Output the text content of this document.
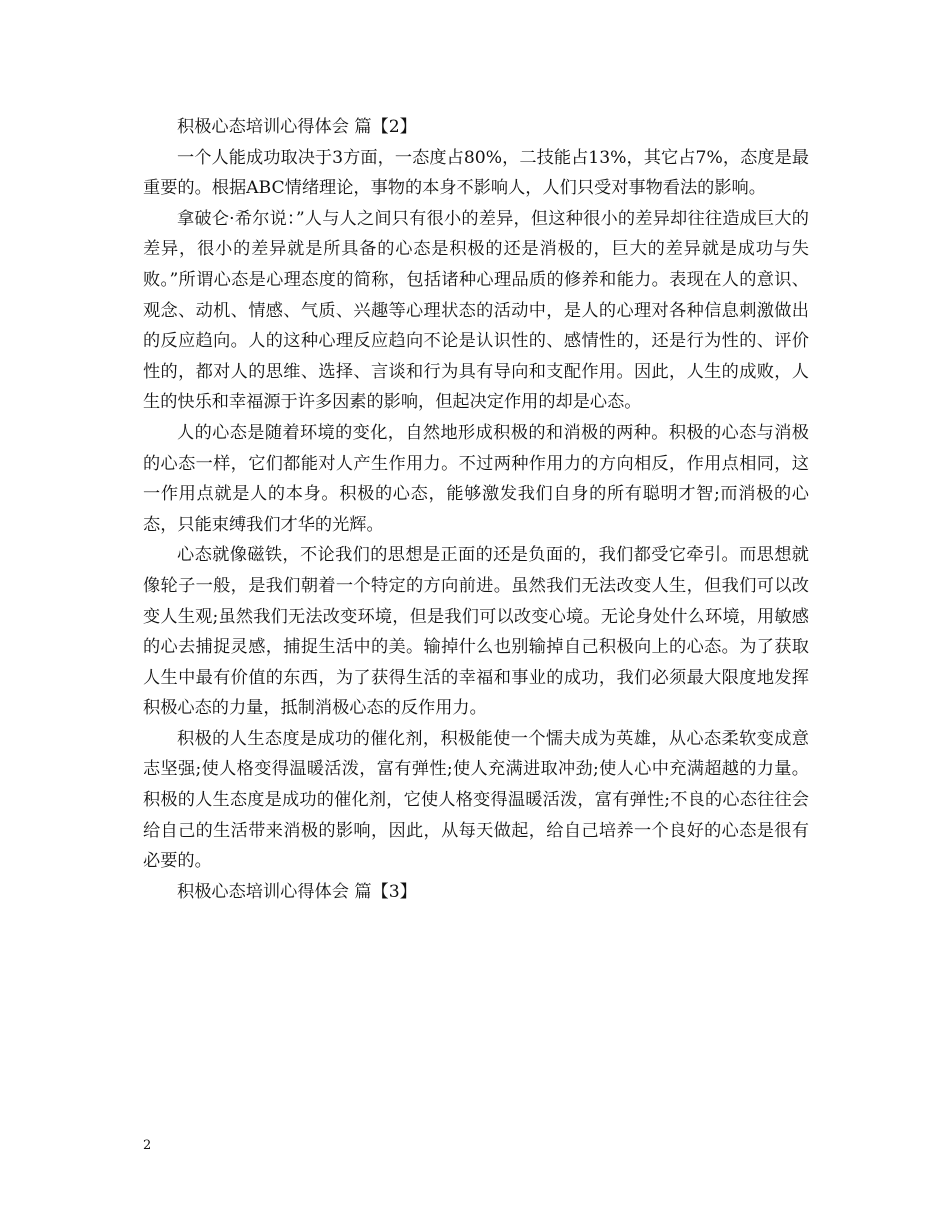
积极心态培训心得体会 篇【2】

一个人能成功取决于3方面，一态度占80%，二技能占13%，其它占7%，态度是最重要的。根据ABC情绪理论，事物的本身不影响人，人们只受对事物看法的影响。

拿破仑·希尔说：”人与人之间只有很小的差异，但这种很小的差异却往往造成巨大的差异，很小的差异就是所具备的心态是积极的还是消极的，巨大的差异就是成功与失败。”所谓心态是心理态度的简称，包括诸种心理品质的修养和能力。表现在人的意识、观念、动机、情感、气质、兴趣等心理状态的活动中，是人的心理对各种信息刺激做出的反应趋向。人的这种心理反应趋向不论是认识性的、感情性的，还是行为性的、评价性的，都对人的思维、选择、言谈和行为具有导向和支配作用。因此，人生的成败，人生的快乐和幸福源于许多因素的影响，但起决定作用的却是心态。

人的心态是随着环境的变化，自然地形成积极的和消极的两种。积极的心态与消极的心态一样，它们都能对人产生作用力。不过两种作用力的方向相反，作用点相同，这一作用点就是人的本身。积极的心态，能够激发我们自身的所有聪明才智;而消极的心态，只能束缚我们才华的光辉。

心态就像磁铁，不论我们的思想是正面的还是负面的，我们都受它牵引。而思想就像轮子一般，是我们朝着一个特定的方向前进。虽然我们无法改变人生，但我们可以改变人生观;虽然我们无法改变环境，但是我们可以改变心境。无论身处什么环境，用敏感的心去捕捉灵感，捕捉生活中的美。输掉什么也别输掉自己积极向上的心态。为了获取人生中最有价值的东西，为了获得生活的幸福和事业的成功，我们必须最大限度地发挥积极心态的力量，抵制消极心态的反作用力。

积极的人生态度是成功的催化剂，积极能使一个懦夫成为英雄，从心态柔软变成意志坚强;使人格变得温暖活泼，富有弹性;使人充满进取冲劲;使人心中充满超越的力量。积极的人生态度是成功的催化剂，它使人格变得温暖活泼，富有弹性;不良的心态往往会给自己的生活带来消极的影响，因此，从每天做起，给自己培养一个良好的心态是很有必要的。

积极心态培训心得体会 篇【3】

2
